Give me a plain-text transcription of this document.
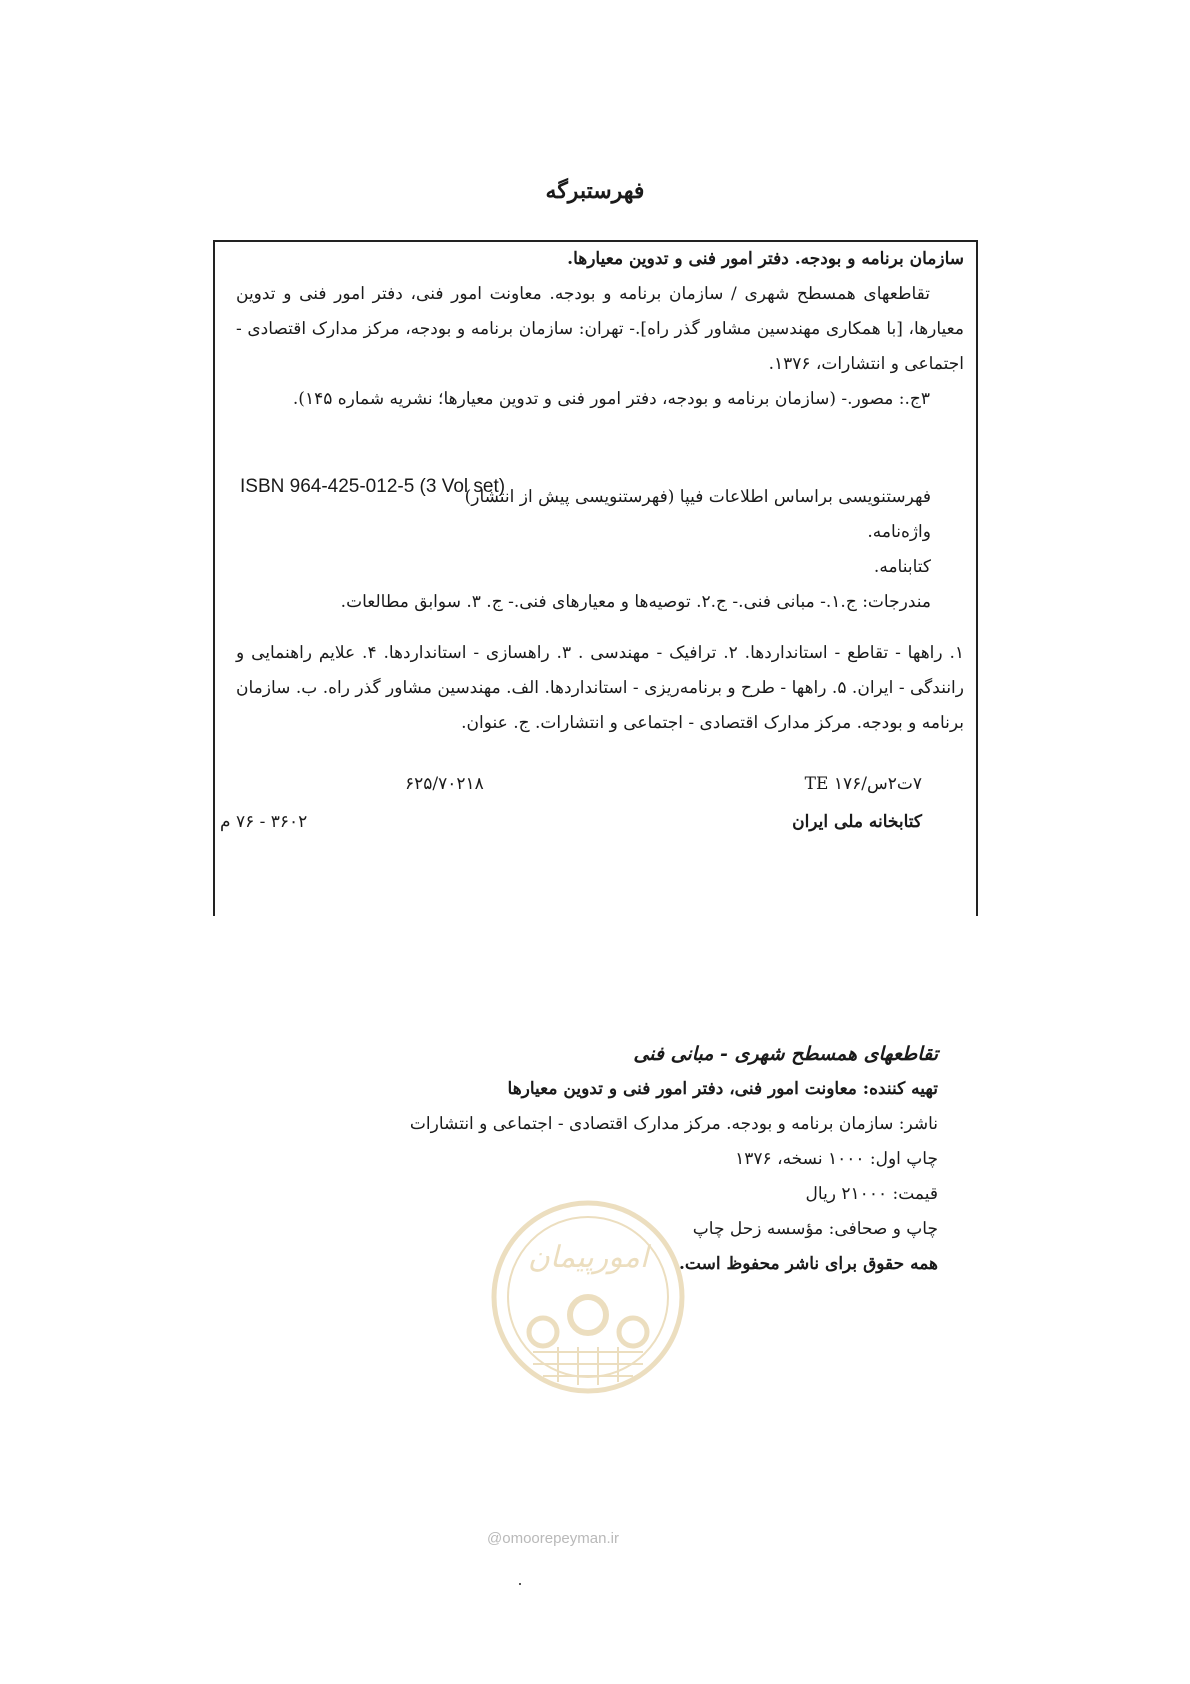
فهرستبرگه
سازمان برنامه و بودجه. دفتر امور فنی و تدوین معیارها.
تقاطعهای همسطح شهری / سازمان برنامه و بودجه. معاونت امور فنی، دفتر امور فنی و تدوین معیارها، [با همکاری مهندسین مشاور گذر راه].- تهران: سازمان برنامه و بودجه، مرکز مدارک اقتصادی - اجتماعی و انتشارات، ۱۳۷۶.
۳ج.: مصور.- (سازمان برنامه و بودجه، دفتر امور فنی و تدوین معیارها؛ نشریه شماره ۱۴۵).
ISBN 964-425-012-5 (3 Vol set)
فهرستنویسی براساس اطلاعات فیپا (فهرستنویسی پیش از انتشار)
واژه‌نامه.
کتابنامه.
مندرجات: ج.۱.- مبانی فنی.- ج.۲. توصیه‌ها و معیارهای فنی.- ج. ۳. سوابق مطالعات.
۱. راهها - تقاطع - استانداردها. ۲. ترافیک - مهندسی . ۳. راهسازی - استانداردها. ۴. علایم راهنمایی و رانندگی - ایران. ۵. راهها - طرح و برنامه‌ریزی - استانداردها. الف. مهندسین مشاور گذر راه. ب. سازمان برنامه و بودجه. مرکز مدارک اقتصادی - اجتماعی و انتشارات. ج. عنوان.
۷ت۲س/۱۷۶ TE
۶۲۵/۷۰۲۱۸
کتابخانه ملی ایران
۳۶۰۲ - ۷۶ م
تقاطعهای همسطح شهری - مبانی فنی
تهیه کننده: معاونت امور فنی، دفتر امور فنی و تدوین معیارها
ناشر: سازمان برنامه و بودجه. مرکز مدارک اقتصادی - اجتماعی و انتشارات
چاپ اول: ۱۰۰۰ نسخه، ۱۳۷۶
قیمت: ۲۱۰۰۰ ریال
چاپ و صحافی: مؤسسه زحل چاپ
همه حقوق برای ناشر محفوظ است.
امورپیمان
@omoorepeyman.ir
